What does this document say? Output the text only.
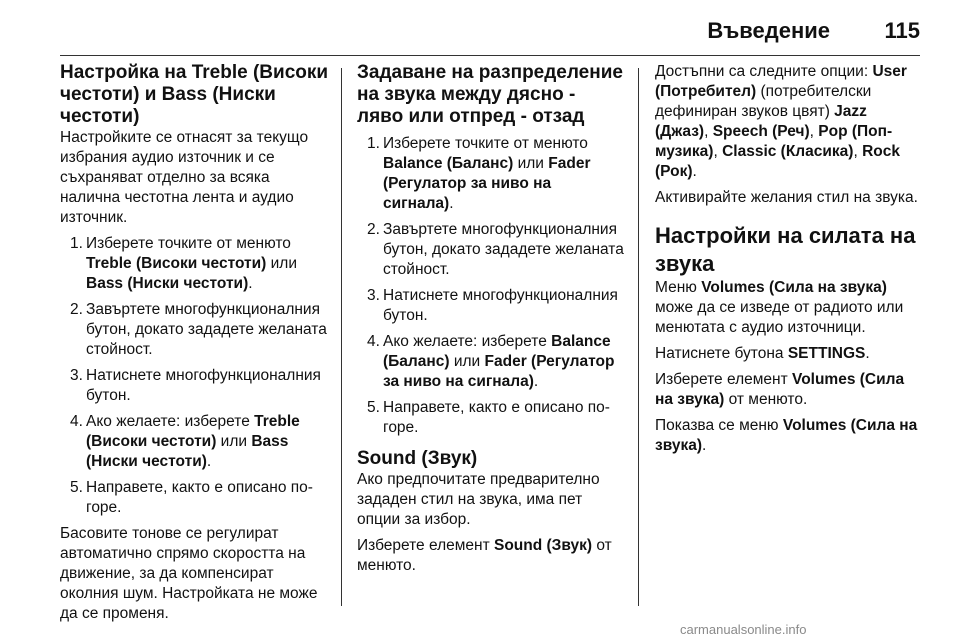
Въведение 115
Настройка на Treble (Високи честоти) и Bass (Ниски честоти)

Настройките се отнасят за текущо избрания аудио източник и се съхраняват отделно за всяка налична честотна лента и аудио източник.

1. Изберете точките от менюто Treble (Високи честоти) или Bass (Ниски честоти).
2. Завъртете многофункционалния бутон, докато зададете желаната стойност.
3. Натиснете многофункционалния бутон.
4. Ако желаете: изберете Treble (Високи честоти) или Bass (Ниски честоти).
5. Направете, както е описано по-горе.

Басовите тонове се регулират автоматично спрямо скоростта на движение, за да компенсират околния шум. Настройката не може да се променя.

Задаване на разпределение на звука между дясно - ляво или отпред - отзад
1. Изберете точките от менюто Balance (Баланс) или Fader (Регулатор за ниво на сигнала).
2. Завъртете многофункционалния бутон, докато зададете желаната стойност.
3. Натиснете многофункционалния бутон.
4. Ако желаете: изберете Balance (Баланс) или Fader (Регулатор за ниво на сигнала).
5. Направете, както е описано по-горе.
Sound (Звук)

Ако предпочитате предварително зададен стил на звука, има пет опции за избор.

Изберете елемент Sound (Звук) от менюто.

Достъпни са следните опции: User (Потребител) (потребителски дефиниран звуков цвят) Jazz (Джаз), Speech (Реч), Pop (Поп-музика), Classic (Класика), Rock (Рок).

Активирайте желания стил на звука.

Настройки на силата на звука

Меню Volumes (Сила на звука) може да се изведе от радиото или менютата с аудио източници.

Натиснете бутона SETTINGS.

Изберете елемент Volumes (Сила на звука) от менюто.

Показва се меню Volumes (Сила на звука).

carmanualsonline.info
